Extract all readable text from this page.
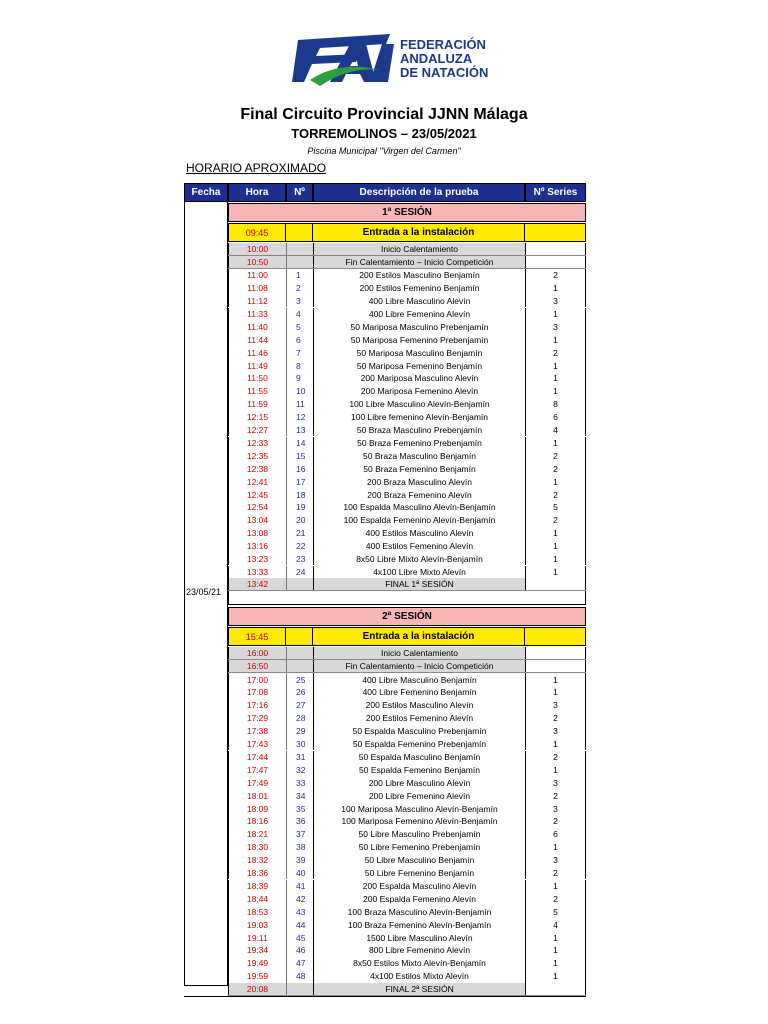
FEDERACIÓN
ANDALUZA
DE NATACIÓN
Final Circuito Provincial JJNN Málaga
TORREMOLINOS – 23/05/2021
Piscina Municipal "Virgen del Carmen"
HORARIO APROXIMADO
Fecha	Hora	Nº	Descripción de la prueba	Nº Series
23/05/21
1ª SESIÓN
09:45	Entrada a la instalación
10:00	Inicio Calentamiento
10:50	Fin Calentamiento – Inicio Competición
11:00	1	200 Estilos Masculino Benjamín	2
11:08	2	200 Estilos Femenino Benjamín	1
11:12	3	400 Libre Masculino Alevín	3
11:33	4	400 Libre Femenino Alevín	1
11:40	5	50 Mariposa Masculino Prebenjamín	3
11:44	6	50 Mariposa Femenino Prebenjamín	1
11:46	7	50 Mariposa Masculino Benjamín	2
11:49	8	50 Mariposa Femenino Benjamín	1
11:50	9	200 Mariposa Masculino Alevín	1
11:55	10	200 Mariposa Femenino Alevín	1
11:59	11	100 Libre Masculino Alevín-Benjamín	8
12:15	12	100 Libre femenino Alevín-Benjamín	6
12:27	13	50 Braza Masculino Prebenjamín	4
12:33	14	50 Braza Femenino Prebenjamín	1
12:35	15	50 Braza Masculino Benjamín	2
12:38	16	50 Braza Femenino Benjamín	2
12:41	17	200 Braza Masculino Alevín	1
12:45	18	200 Braza Femenino Alevín	2
12:54	19	100 Espalda Masculino Alevín-Benjamín	5
13:04	20	100 Espalda Femenino Alevín-Benjamín	2
13:08	21	400 Estilos Masculino Alevín	1
13:16	22	400 Estilos Femenino Alevín	1
13:23	23	8x50 Libre Mixto Alevín-Benjamín	1
13:33	24	4x100 Libre Mixto Alevín	1
13:42	FINAL 1ª SESIÓN
2ª SESIÓN
15:45	Entrada a la instalación
16:00	Inicio Calentamiento
16:50	Fin Calentamiento – Inicio Competición
17:00	25	400 Libre Masculino Benjamín	1
17:08	26	400 Libre Femenino Benjamín	1
17:16	27	200 Estilos Masculino Alevín	3
17:29	28	200 Estilos Femenino Alevín	2
17:38	29	50 Espalda Masculino Prebenjamín	3
17:43	30	50 Espalda Femenino Prebenjamín	1
17:44	31	50 Espalda Masculino Benjamín	2
17:47	32	50 Espalda Femenino Benjamín	1
17:49	33	200 Libre Masculino Alevín	3
18:01	34	200 Libre Femenino Alevín	2
18:09	35	100 Mariposa Masculino Alevín-Benjamín	3
18:16	36	100 Mariposa Femenino Alevín-Benjamín	2
18:21	37	50 Libre Masculino Prebenjamín	6
18:30	38	50 Libre Femenino Prebenjamín	1
18:32	39	50 Libre Masculino Benjamín	3
18:36	40	50 Libre Femenino Benjamín	2
18:39	41	200 Espalda Masculino Alevín	1
18:44	42	200 Espalda Femenino Alevín	2
18:53	43	100 Braza Masculino Alevín-Benjamín	5
19:03	44	100 Braza Femenino Alevín-Benjamín	4
19:11	45	1500 Libre Masculino Alevín	1
19:34	46	800 Libre Femenino Alevín	1
19:49	47	8x50 Estilos Mixto Alevín-Benjamín	1
19:59	48	4x100 Estilos Mixto Alevín	1
20:08	FINAL 2ª SESIÓN
